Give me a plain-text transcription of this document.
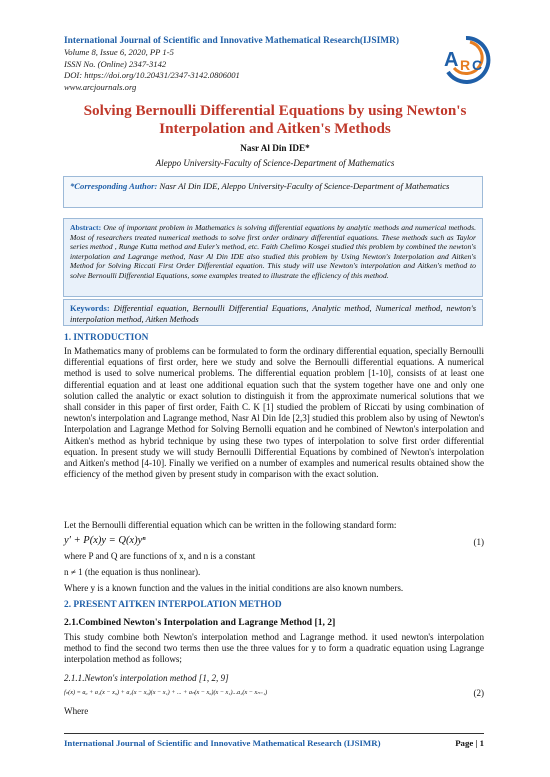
International Journal of Scientific and Innovative Mathematical Research(IJSIMR)
Volume 8, Issue 6, 2020, PP 1-5
ISSN No. (Online) 2347-3142
DOI: https://doi.org/10.20431/2347-3142.0806001
www.arcjournals.org
A R C
Solving Bernoulli Differential Equations by using Newton's Interpolation and Aitken's Methods
Nasr Al Din IDE*
Aleppo University-Faculty of Science-Department of Mathematics
*Corresponding Author: Nasr Al Din IDE, Aleppo University-Faculty of Science-Department of Mathematics
Abstract: One of important problem in Mathematics is solving differential equations by analytic methods and numerical methods. Most of researchers treated numerical methods to solve first order ordinary differential equations. These methods such as Taylor series method , Runge Kutta method and Euler's method, etc. Faith Chelimo Kosgei studied this problem by combined the newton's interpolation and Lagrange method, Nasr Al Din IDE also studied this problem by Using Newton's Interpolation and Aitken's Method for Solving Riccati First Order Differential equation. This study will use Newton's interpolation and Aitken's method to solve Bernoulli Differential Equations, some examples treated to illustrate the efficiency of this method.
Keywords: Differential equation, Bernoulli Differential Equations, Analytic method, Numerical method, newton's interpolation method, Aitken Methods
1. INTRODUCTION

In Mathematics many of problems can be formulated to form the ordinary differential equation, specially Bernoulli differential equations of first order, here we study and solve the Bernoulli differential equations. A numerical method is used to solve numerical problems. The differential equation problem [1-10], consists of at least one differential equation and at least one additional equation such that the system together have one and only one solution called the analytic or exact solution to distinguish it from the approximate numerical solutions that we shall consider in this paper of first order, Faith C. K [1] studied the problem of Riccati by using combination of newton's interpolation and Lagrange method, Nasr Al Din Ide [2,3] studied this problem also by using of Newton's Interpolation and Lagrange Method for Solving Bernolli equation and he combined of Newton's interpolation and Aitken's method as hybrid technique by using these two types of interpolation to solve first order differential equation. In present study we will study Bernoulli Differential Equations by combined of Newton's interpolation and Aitken's method [4-10]. Finally we verified on a number of examples and numerical results obtained show the efficiency of the method given by present study in comparison with the exact solution.

Let the Bernoulli differential equation which can be written in the following standard form:

y′ + P(x)y = Q(x)yⁿ	(1)
where P and Q are functions of x, and n is a constant
n ≠ 1 (the equation is thus nonlinear).
Where y is a known function and the values in the initial conditions are also known numbers.
2. PRESENT AITKEN INTERPOLATION METHOD
2.1.Combined Newton's Interpolation and Lagrange Method [1, 2]

This study combine both Newton's interpolation method and Lagrange method. it used newton's interpolation method to find the second two terms then use the three values for y to form a quadratic equation using Lagrange interpolation method as follows;

2.1.1.Newton's interpolation method [1, 2, 9]
fₙ(x) = a₀ + a₁(x − x₀) + a₂(x − x₀)(x − x₁) + ... + aₙ(x − x₀)(x − x₁)...a₂(x − xₙ₋₁)	(2)
Where
International Journal of Scientific and Innovative Mathematical Research (IJSIMR)	Page | 1
